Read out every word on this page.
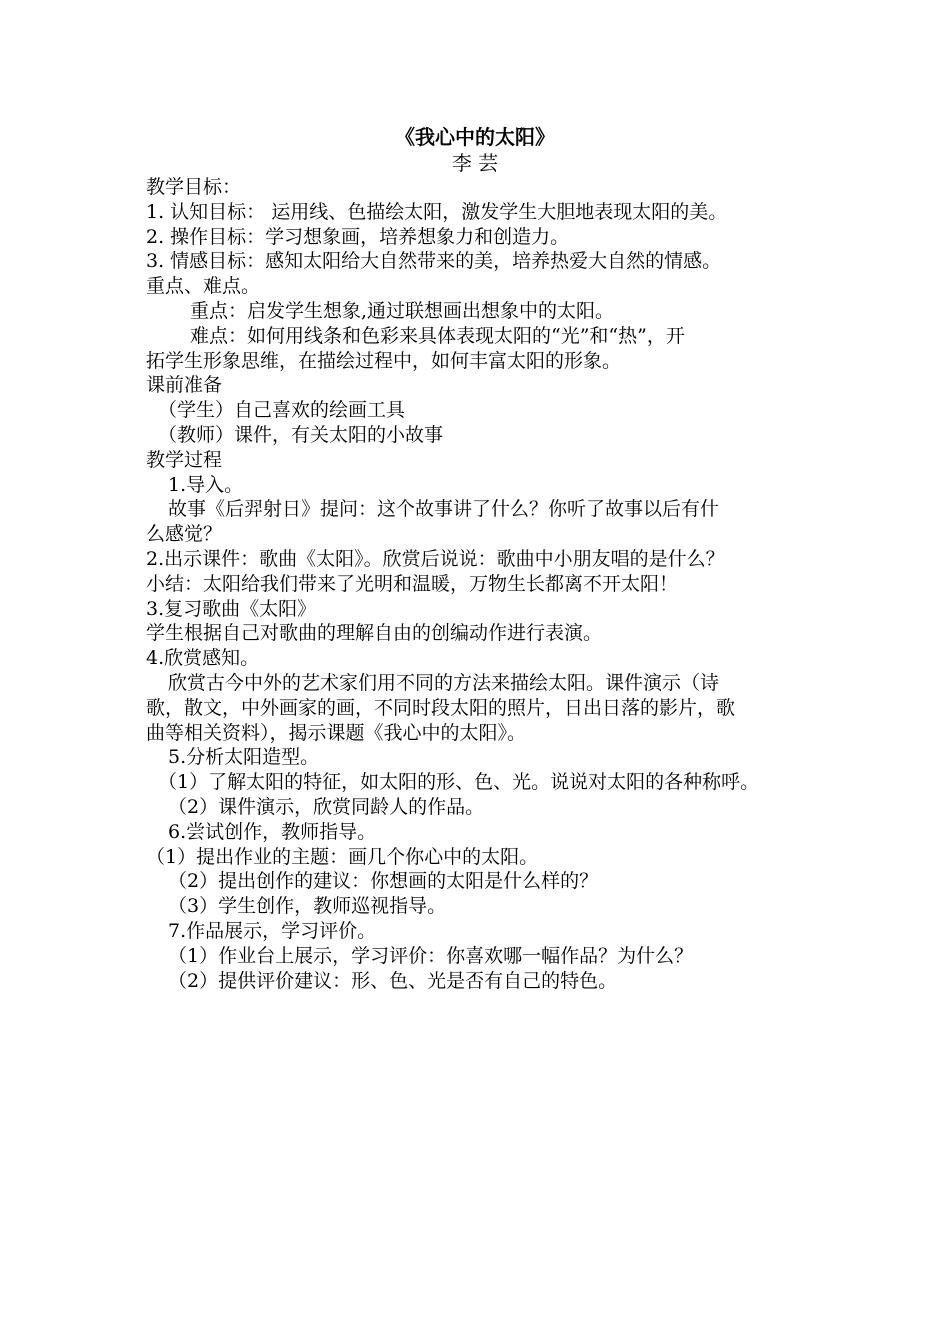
《我心中的太阳》
李 芸
教学目标：
1. 认知目标： 运用线、色描绘太阳，激发学生大胆地表现太阳的美。
2. 操作目标：学习想象画，培养想象力和创造力。
3. 情感目标：感知太阳给大自然带来的美，培养热爱大自然的情感。
重点、难点。
重点：启发学生想象,通过联想画出想象中的太阳。
难点：如何用线条和色彩来具体表现太阳的“光”和“热”，开
拓学生形象思维，在描绘过程中，如何丰富太阳的形象。
课前准备
（学生）自己喜欢的绘画工具
（教师）课件，有关太阳的小故事
教学过程
1.导入。
故事《后羿射日》提问：这个故事讲了什么？你听了故事以后有什
么感觉？
2.出示课件：歌曲《太阳》。欣赏后说说：歌曲中小朋友唱的是什么？
小结：太阳给我们带来了光明和温暖，万物生长都离不开太阳！
3.复习歌曲《太阳》
学生根据自己对歌曲的理解自由的创编动作进行表演。
4.欣赏感知。
欣赏古今中外的艺术家们用不同的方法来描绘太阳。课件演示（诗
歌，散文，中外画家的画，不同时段太阳的照片，日出日落的影片，歌
曲等相关资料），揭示课题《我心中的太阳》。
5.分析太阳造型。
（1）了解太阳的特征，如太阳的形、色、光。说说对太阳的各种称呼。
（2）课件演示，欣赏同龄人的作品。
6.尝试创作，教师指导。
（1）提出作业的主题：画几个你心中的太阳。
（2）提出创作的建议：你想画的太阳是什么样的？
（3）学生创作，教师巡视指导。
7.作品展示，学习评价。
（1）作业台上展示，学习评价：你喜欢哪一幅作品？为什么？
（2）提供评价建议：形、色、光是否有自己的特色。
